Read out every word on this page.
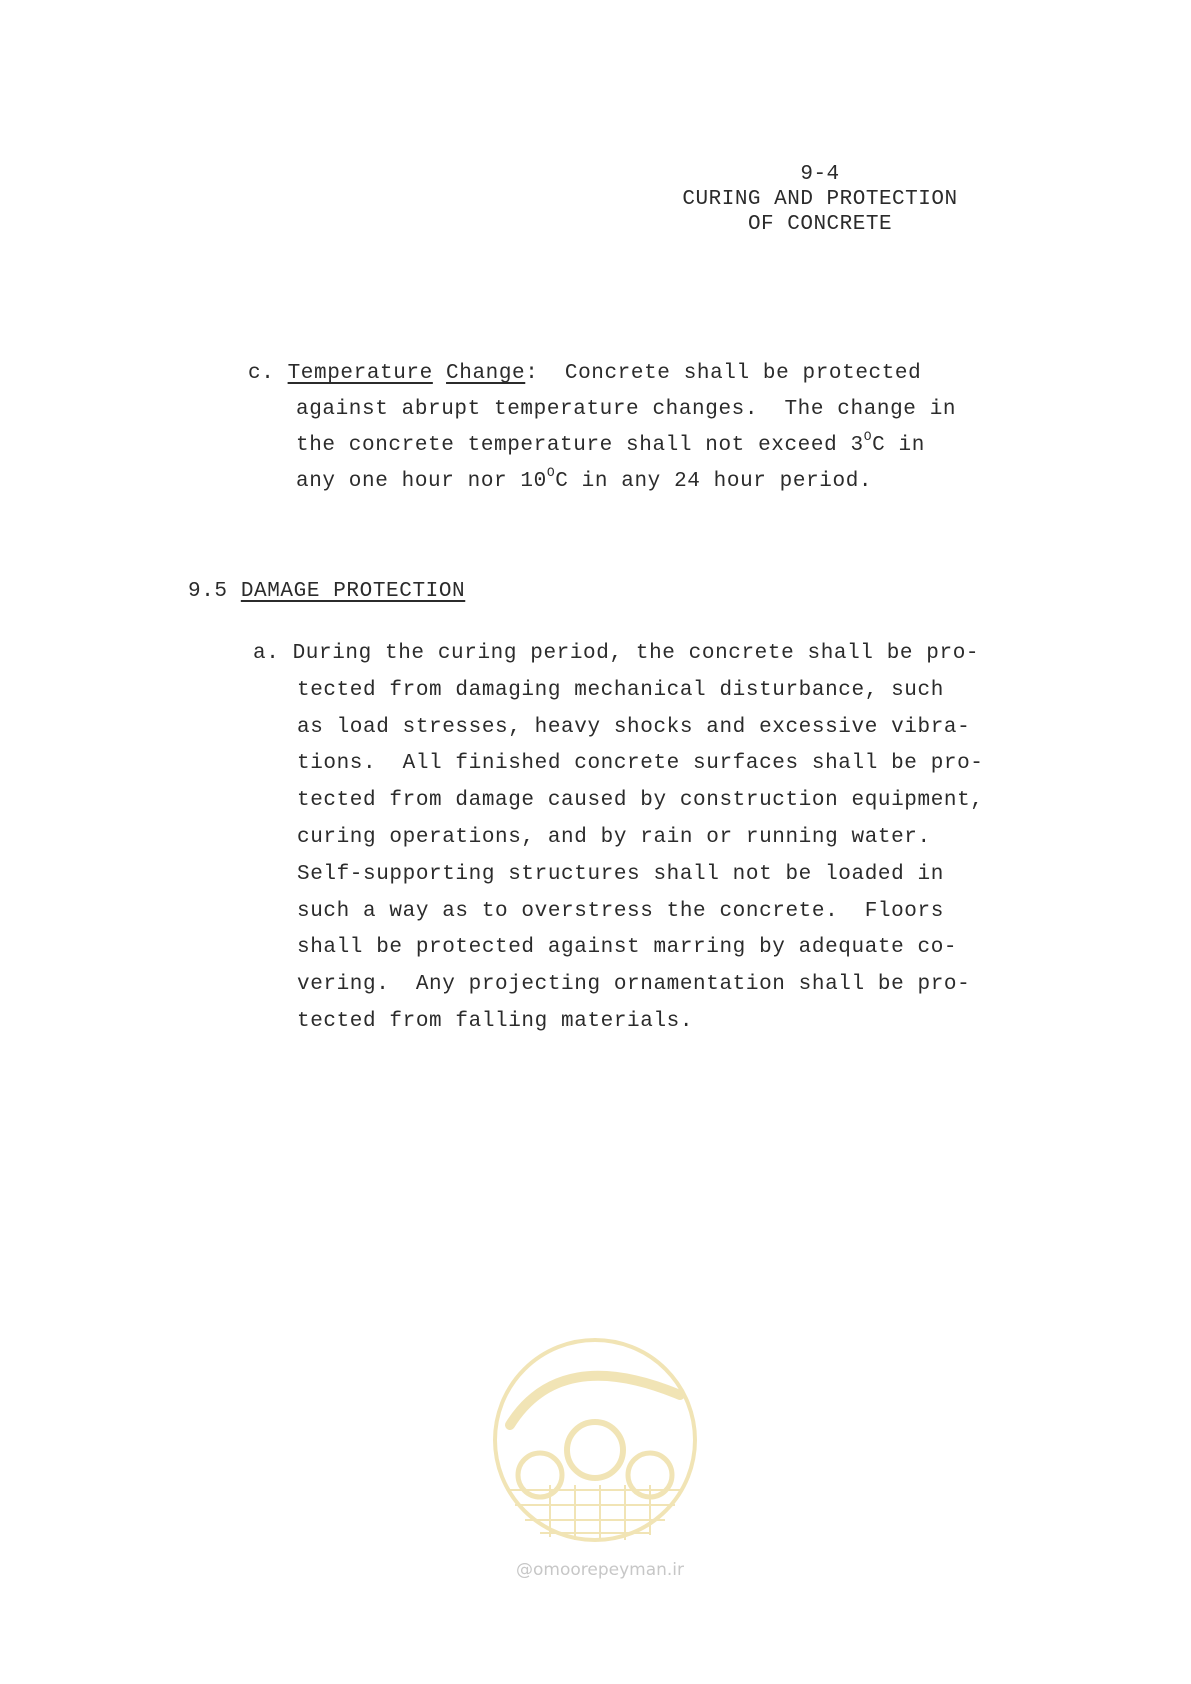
9-4
CURING AND PROTECTION
OF CONCRETE
c. Temperature Change:  Concrete shall be protected
against abrupt temperature changes.  The change in
the concrete temperature shall not exceed $3^OC$ in
any one hour nor $10^OC$ in any 24 hour period.
9.5 DAMAGE PROTECTION
a. During the curing period, the concrete shall be pro-
tected from damaging mechanical disturbance, such
as load stresses, heavy shocks and excessive vibra-
tions.  All finished concrete surfaces shall be pro-
tected from damage caused by construction equipment,
curing operations, and by rain or running water.
Self-supporting structures shall not be loaded in
such a way as to overstress the concrete.  Floors
shall be protected against marring by adequate co-
vering.  Any projecting ornamentation shall be pro-
tected from falling materials.
@omoorepeyman.ir
